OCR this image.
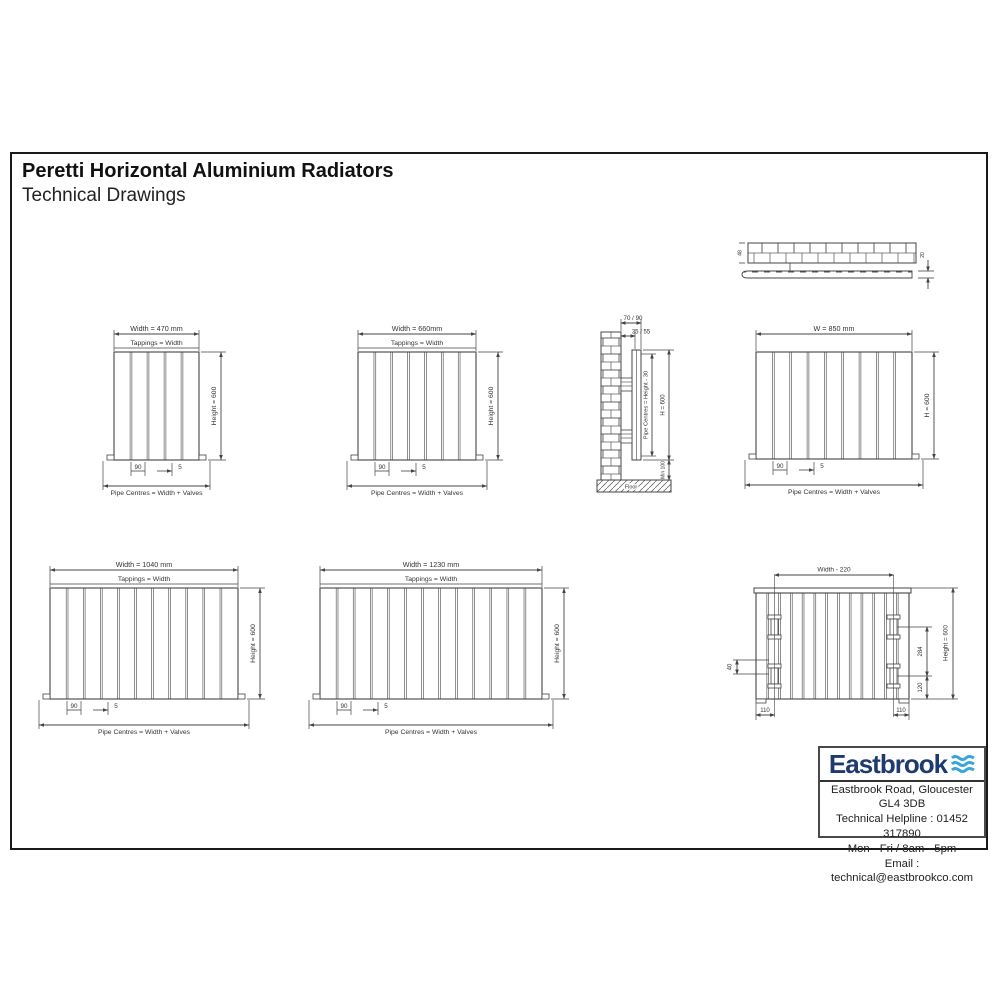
Peretti Horizontal Aluminium Radiators
Technical Drawings
48	20
70 / 90
35 / 55
Pipe Centres = Height - 30 H = 600
Min 100
Floor
Width - 220
Height = 600
284
120
40
110	110
Eastbrook
Eastbrook Road, Gloucester GL4 3DB
Technical Helpline : 01452 317890
Mon - Fri / 8am - 5pm
Email : technical@eastbrookco.com
Width = 470 mm
Tappings = Width
Height = 600
90	5
Pipe Centres = Width + Valves
Width = 660mm
Tappings = Width
Height = 600
90	5
Pipe Centres = Width + Valves
W = 850 mm
H = 600
90	5
Pipe Centres = Width + Valves
Width = 1040 mm
Tappings = Width
Height = 600
90	5
Pipe Centres = Width + Valves
Width = 1230 mm
Tappings = Width
Height = 600
90	5
Pipe Centres = Width + Valves
